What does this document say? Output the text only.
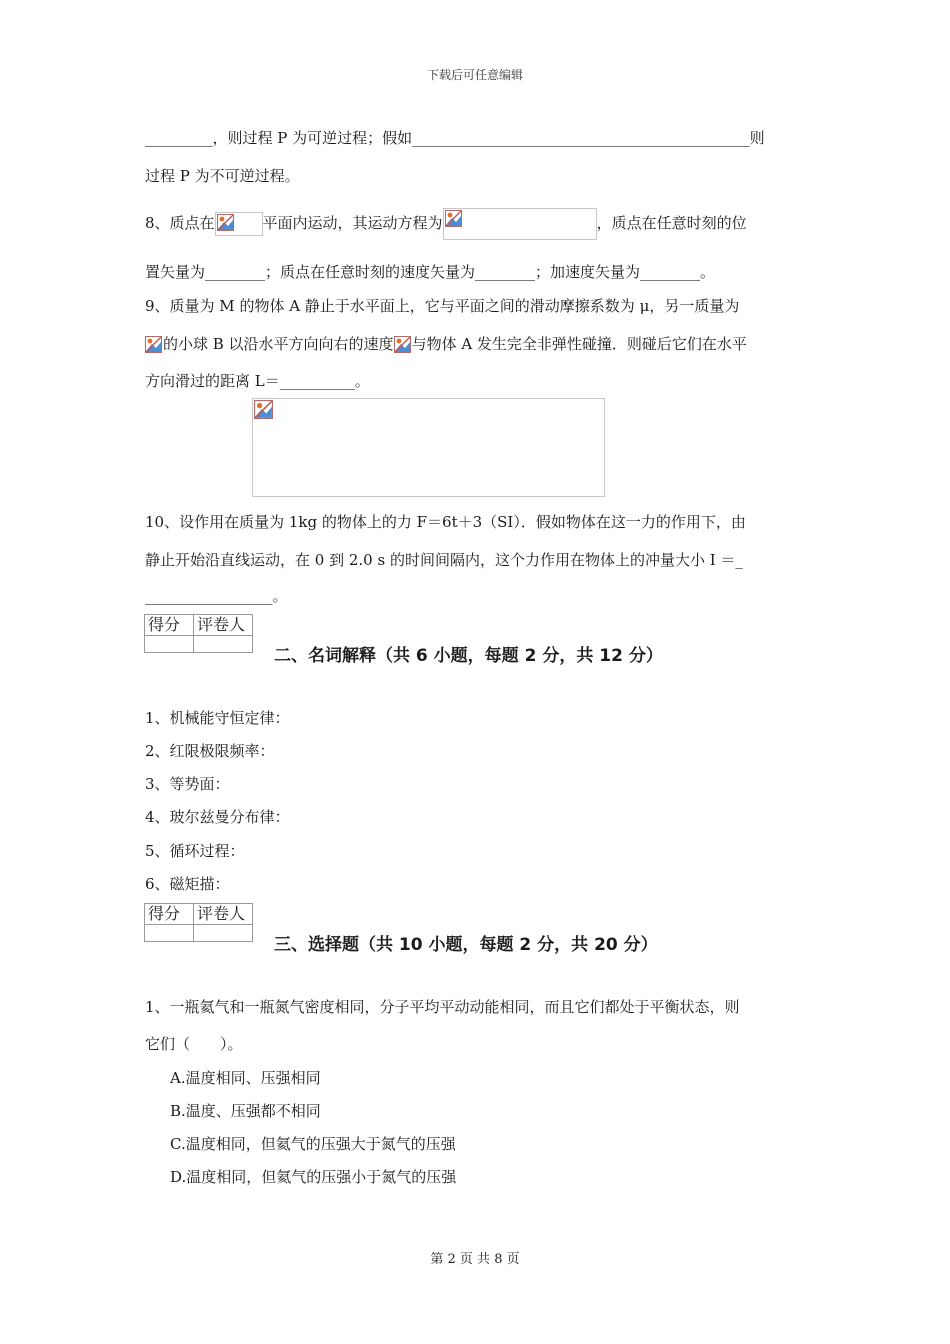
下载后可任意编辑
_________，则过程 P 为可逆过程；假如_____________________________________________则
过程 P 为不可逆过程。
8、质点在	平面内运动，其运动方程为	，质点在任意时刻的位
置矢量为________；质点在任意时刻的速度矢量为________；加速度矢量为________。
9、质量为 M 的物体 A 静止于水平面上，它与平面之间的滑动摩擦系数为 μ，另一质量为
的小球 B 以沿水平方向向右的速度 与物体 A 发生完全非弹性碰撞．则碰后它们在水平
方向滑过的距离 L＝__________。
10、设作用在质量为 1kg 的物体上的力 F＝6t＋3（SI）．假如物体在这一力的作用下，由
静止开始沿直线运动，在 0 到 2.0 s 的时间间隔内，这个力作用在物体上的冲量大小 I ＝_
_________________。
得分	评卷人

二、名词解释（共 6 小题，每题 2 分，共 12 分）
1、机械能守恒定律：
2、红限极限频率：
3、等势面：
4、玻尔兹曼分布律：
5、循环过程：
6、磁矩描：
得分	评卷人

三、选择题（共 10 小题，每题 2 分，共 20 分）
1、一瓶氦气和一瓶氮气密度相同，分子平均平动动能相同，而且它们都处于平衡状态，则
它们（　　）。
A.温度相同、压强相同
B.温度、压强都不相同
C.温度相同，但氦气的压强大于氮气的压强
D.温度相同，但氦气的压强小于氮气的压强
第 2 页 共 8 页
